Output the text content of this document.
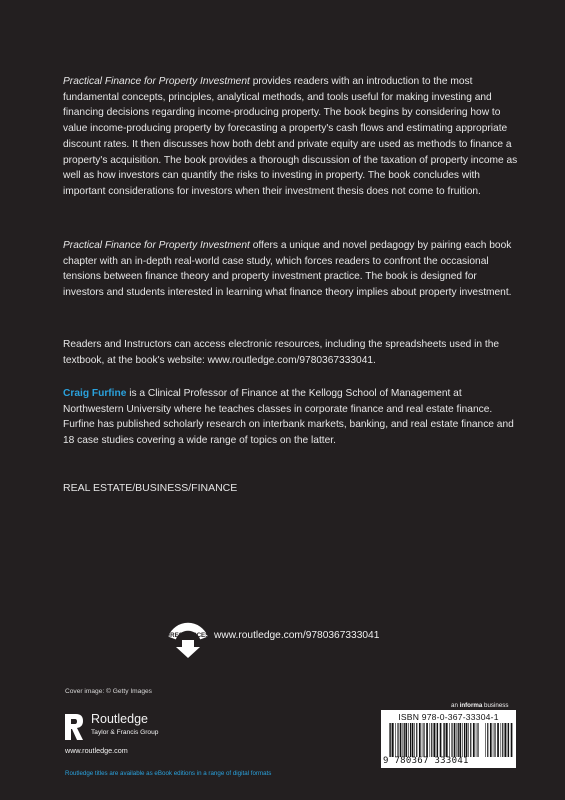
Practical Finance for Property Investment provides readers with an introduction to the most fundamental concepts, principles, analytical methods, and tools useful for making investing and financing decisions regarding income-producing property. The book begins by considering how to value income-producing property by forecasting a property's cash flows and estimating appropriate discount rates. It then discusses how both debt and private equity are used as methods to finance a property's acquisition. The book provides a thorough discussion of the taxation of property income as well as how investors can quantify the risks to investing in property. The book concludes with important considerations for investors when their investment thesis does not come to fruition.

Practical Finance for Property Investment offers a unique and novel pedagogy by pairing each book chapter with an in-depth real-world case study, which forces readers to confront the occasional tensions between finance theory and property investment practice. The book is designed for investors and students interested in learning what finance theory implies about property investment.

Readers and Instructors can access electronic resources, including the spreadsheets used in the textbook, at the book's website: www.routledge.com/9780367333041.

Craig Furfine is a Clinical Professor of Finance at the Kellogg School of Management at Northwestern University where he teaches classes in corporate finance and real estate finance. Furfine has published scholarly research on interbank markets, banking, and real estate finance and 18 case studies covering a wide range of topics on the latter.

REAL ESTATE/BUSINESS/FINANCE

eRESOURCES www.routledge.com/9780367333041
Cover image: © Getty Images
Routledge
Taylor & Francis Group
www.routledge.com
Routledge titles are available as eBook editions in a range of digital formats
an informa business
ISBN 978-0-367-33304-1
9 780367 333041
